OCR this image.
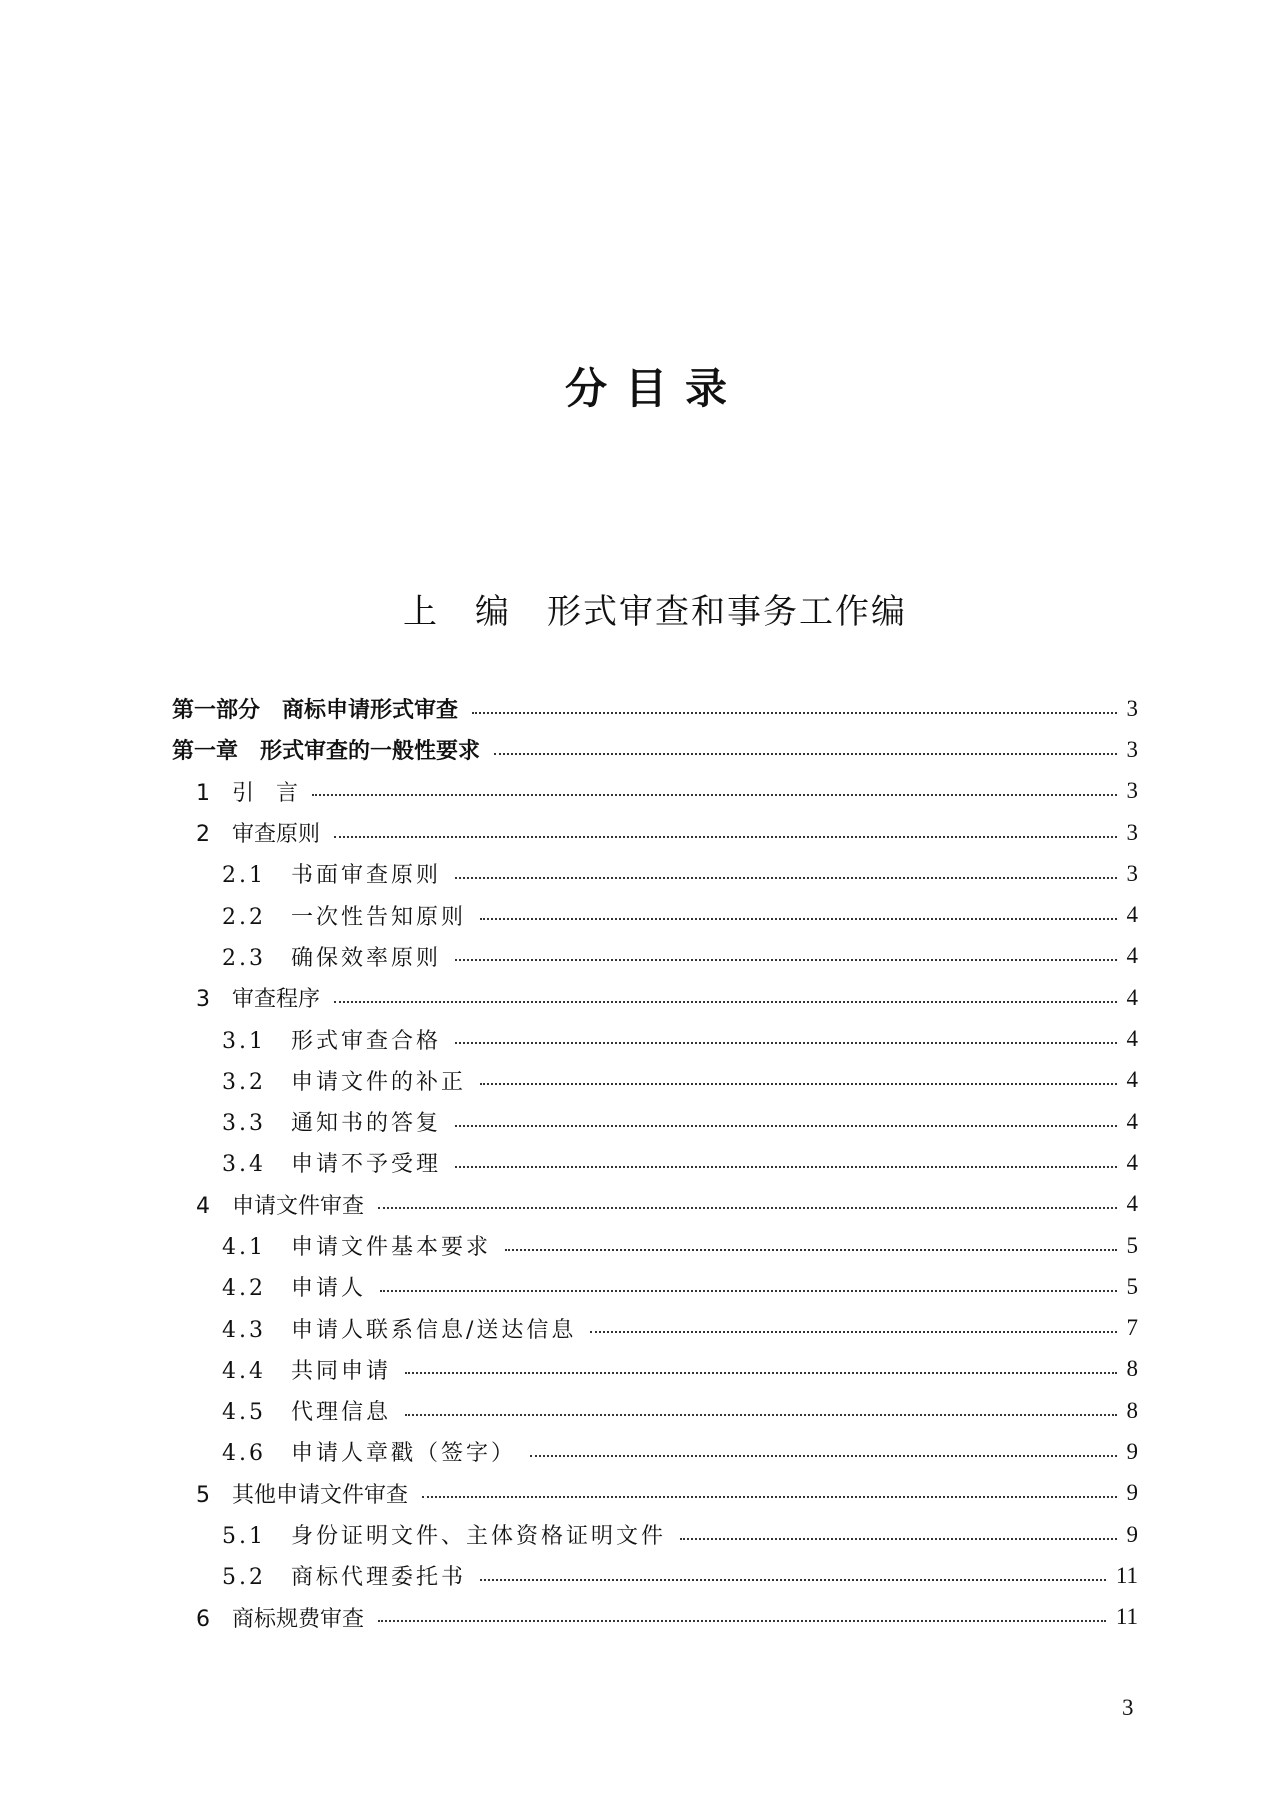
分目录
上　编　形式审查和事务工作编
第一部分　商标申请形式审查	3
第一章　形式审查的一般性要求	3
1　引　言	3
2　审查原则	3
2.1　书面审查原则	3
2.2　一次性告知原则	4
2.3　确保效率原则	4
3　审查程序	4
3.1　形式审查合格	4
3.2　申请文件的补正	4
3.3　通知书的答复	4
3.4　申请不予受理	4
4　申请文件审查	4
4.1　申请文件基本要求	5
4.2　申请人	5
4.3　申请人联系信息/送达信息	7
4.4　共同申请	8
4.5　代理信息	8
4.6　申请人章戳（签字）	9
5　其他申请文件审查	9
5.1　身份证明文件、主体资格证明文件	9
5.2　商标代理委托书	11
6　商标规费审查	11
3
